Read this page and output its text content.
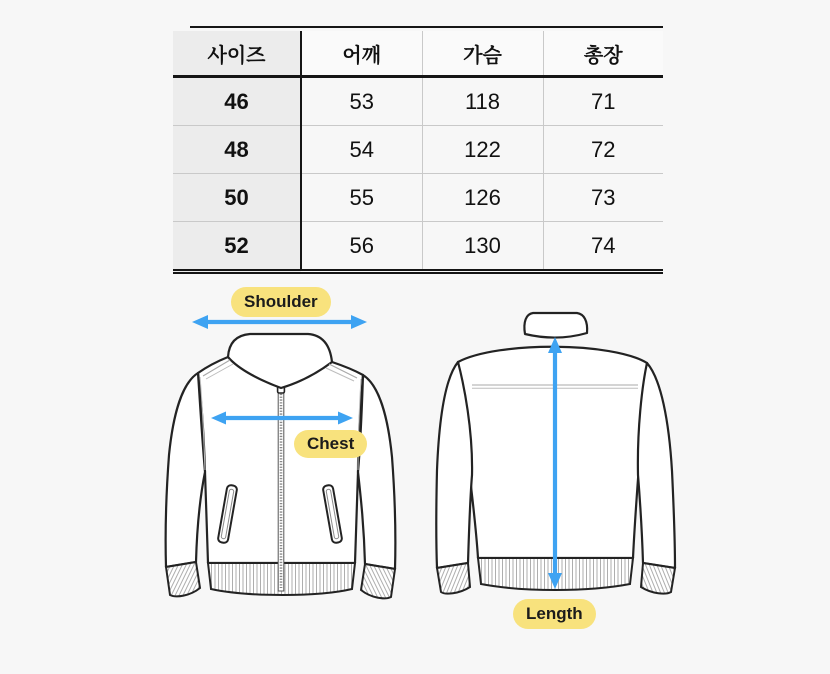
사이즈	어깨	가슴	총장
46	53	118	71
48	54	122	72
50	55	126	73
52	56	130	74
Shoulder
Chest
Length
